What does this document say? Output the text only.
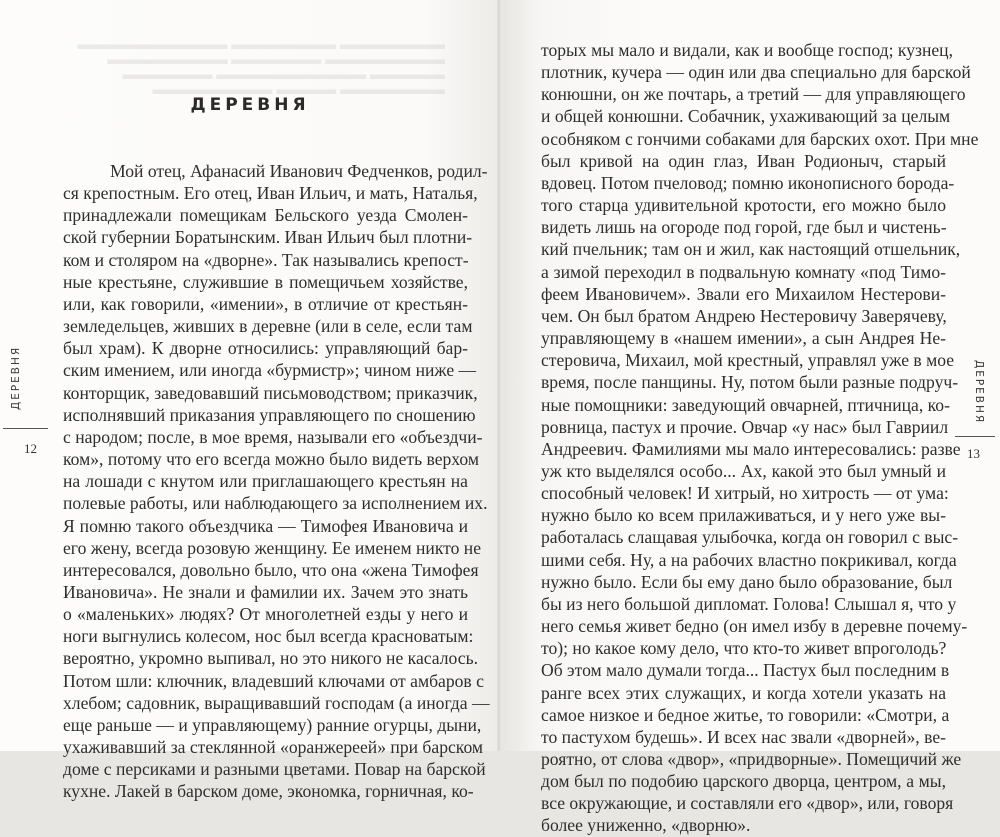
▬▬▬▬▬▬▬ ▬▬▬▬▬▬▬ ▬▬▬▬▬▬▬▬▬▬
▬▬▬▬▬▬▬▬ ▬▬▬▬▬▬ ▬▬▬▬▬▬▬▬
▬▬▬▬▬ ▬▬▬▬▬▬▬▬▬▬ ▬▬▬▬▬▬
▬▬▬▬▬▬▬ ▬▬▬▬ ▬▬▬▬▬▬▬▬
ДЕРЕВНЯ
Мой отец, Афанасий Иванович Федченков, родил-
ся крепостным. Его отец, Иван Ильич, и мать, Наталья,
принадлежали помещикам Бельского уезда Смолен-
ской губернии Боратынским. Иван Ильич был плотни-
ком и столяром на «дворне». Так назывались крепост-
ные крестьяне, служившие в помещичьем хозяйстве,
или, как говорили, «имении», в отличие от крестьян-
земледельцев, живших в деревне (или в селе, если там
был храм). К дворне относились: управляющий бар-
ским имением, или иногда «бурмистр»; чином ниже —
конторщик, заведовавший письмоводством; приказчик,
исполнявший приказания управляющего по сношению
с народом; после, в мое время, называли его «объездчи-
ком», потому что его всегда можно было видеть верхом
на лошади с кнутом или приглашающего крестьян на
полевые работы, или наблюдающего за исполнением их.
Я помню такого объездчика — Тимофея Ивановича и
его жену, всегда розовую женщину. Ее именем никто не
интересовался, довольно было, что она «жена Тимофея
Ивановича». Не знали и фамилии их. Зачем это знать
о «маленьких» людях? От многолетней езды у него и
ноги выгнулись колесом, нос был всегда красноватым:
вероятно, укромно выпивал, но это никого не касалось.
Потом шли: ключник, владевший ключами от амбаров с
хлебом; садовник, выращивавший господам (а иногда —
еще раньше — и управляющему) ранние огурцы, дыни,
ухаживавший за стеклянной «оранжереей» при барском
доме с персиками и разными цветами. Повар на барской
кухне. Лакей в барском доме, экономка, горничная, ко-
ДЕРЕВНЯ
12
торых мы мало и видали, как и вообще господ; кузнец,
плотник, кучера — один или два специально для барской
конюшни, он же почтарь, а третий — для управляющего
и общей конюшни. Собачник, ухаживающий за целым
особняком с гончими собаками для барских охот. При мне
был кривой на один глаз, Иван Родионыч, старый
вдовец. Потом пчеловод; помню иконописного борода-
того старца удивительной кротости, его можно было
видеть лишь на огороде под горой, где был и чистень-
кий пчельник; там он и жил, как настоящий отшельник,
а зимой переходил в подвальную комнату «под Тимо-
феем Ивановичем». Звали его Михаилом Нестерови-
чем. Он был братом Андрею Нестеровичу Заверячеву,
управляющему в «нашем имении», а сын Андрея Не-
стеровича, Михаил, мой крестный, управлял уже в мое
время, после панщины. Ну, потом были разные подруч-
ные помощники: заведующий овчарней, птичница, ко-
ровница, пастух и прочие. Овчар «у нас» был Гавриил
Андреевич. Фамилиями мы мало интересовались: разве
уж кто выделялся особо... Ах, какой это был умный и
способный человек! И хитрый, но хитрость — от ума:
нужно было ко всем прилаживаться, и у него уже вы-
работалась слащавая улыбочка, когда он говорил с выс-
шими себя. Ну, а на рабочих властно покрикивал, когда
нужно было. Если бы ему дано было образование, был
бы из него большой дипломат. Голова! Слышал я, что у
него семья живет бедно (он имел избу в деревне почему-
то); но какое кому дело, что кто-то живет впроголодь?
Об этом мало думали тогда... Пастух был последним в
ранге всех этих служащих, и когда хотели указать на
самое низкое и бедное житье, то говорили: «Смотри, а
то пастухом будешь». И всех нас звали «дворней», ве-
роятно, от слова «двор», «придворные». Помещичий же
дом был по подобию царского дворца, центром, а мы,
все окружающие, и составляли его «двор», или, говоря
более униженно, «дворню».
ДЕРЕВНЯ
13
